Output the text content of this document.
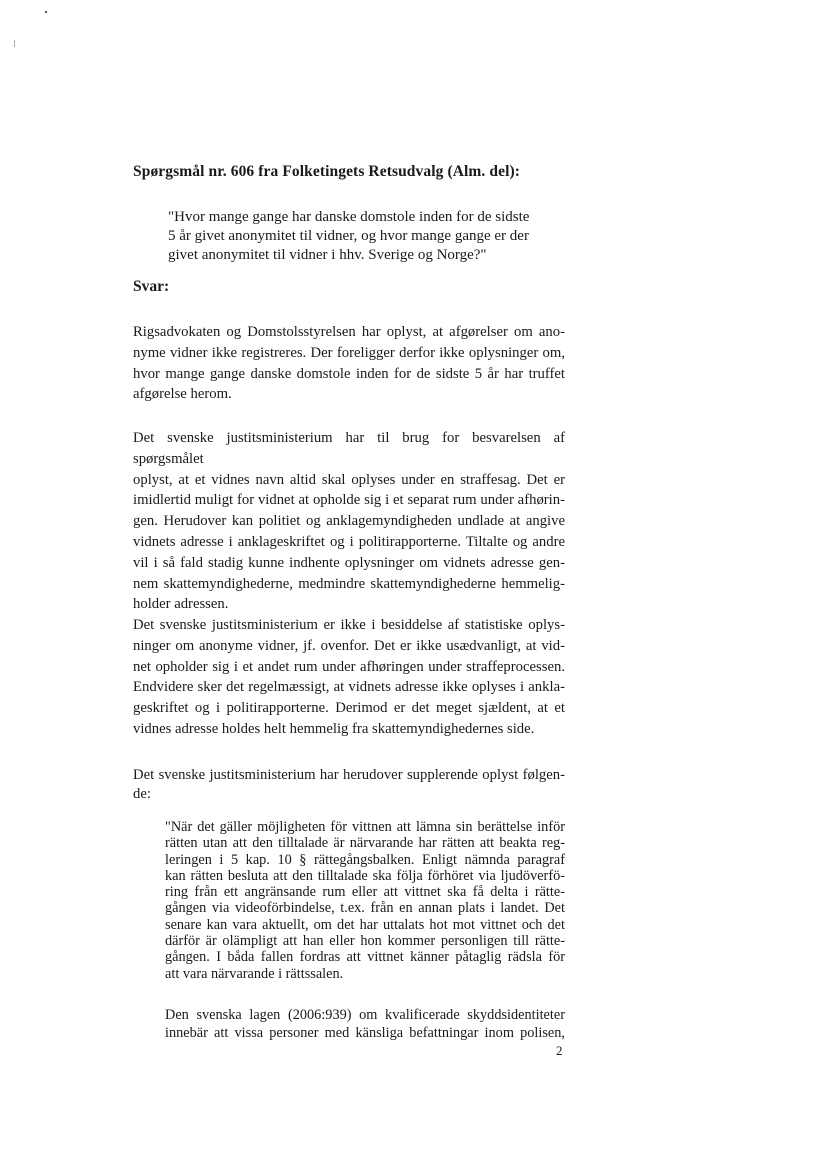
Spørgsmål nr. 606 fra Folketingets Retsudvalg (Alm. del):

"Hvor mange gange har danske domstole inden for de sidste
5 år givet anonymitet til vidner, og hvor mange gange er der
givet anonymitet til vidner i hhv. Sverige og Norge?"

Svar:

Rigsadvokaten og Domstolsstyrelsen har oplyst, at afgørelser om ano-
nyme vidner ikke registreres. Der foreligger derfor ikke oplysninger om,
hvor mange gange danske domstole inden for de sidste 5 år har truffet
afgørelse herom.
Det svenske justitsministerium har til brug for besvarelsen af spørgsmålet
oplyst, at et vidnes navn altid skal oplyses under en straffesag. Det er
imidlertid muligt for vidnet at opholde sig i et separat rum under afhørin-
gen. Herudover kan politiet og anklagemyndigheden undlade at angive
vidnets adresse i anklageskriftet og i politirapporterne. Tiltalte og andre
vil i så fald stadig kunne indhente oplysninger om vidnets adresse gen-
nem skattemyndighederne, medmindre skattemyndighederne hemmelig-
holder adressen.
Det svenske justitsministerium er ikke i besiddelse af statistiske oplys-
ninger om anonyme vidner, jf. ovenfor. Det er ikke usædvanligt, at vid-
net opholder sig i et andet rum under afhøringen under straffeprocessen.
Endvidere sker det regelmæssigt, at vidnets adresse ikke oplyses i ankla-
geskriftet og i politirapporterne. Derimod er det meget sjældent, at et
vidnes adresse holdes helt hemmelig fra skattemyndighedernes side.
Det svenske justitsministerium har herudover supplerende oplyst følgen-
de:
"När det gäller möjligheten för vittnen att lämna sin berättelse inför
rätten utan att den tilltalade är närvarande har rätten att beakta reg-
leringen i 5 kap. 10 § rättegångsbalken. Enligt nämnda paragraf
kan rätten besluta att den tilltalade ska följa förhöret via ljudöverfö-
ring från ett angränsande rum eller att vittnet ska få delta i rätte-
gången via videoförbindelse, t.ex. från en annan plats i landet. Det
senare kan vara aktuellt, om det har uttalats hot mot vittnet och det
därför är olämpligt att han eller hon kommer personligen till rätte-
gången. I båda fallen fordras att vittnet känner påtaglig rädsla för
att vara närvarande i rättssalen.
Den svenska lagen (2006:939) om kvalificerade skyddsidentiteter
innebär att vissa personer med känsliga befattningar inom polisen,

2
